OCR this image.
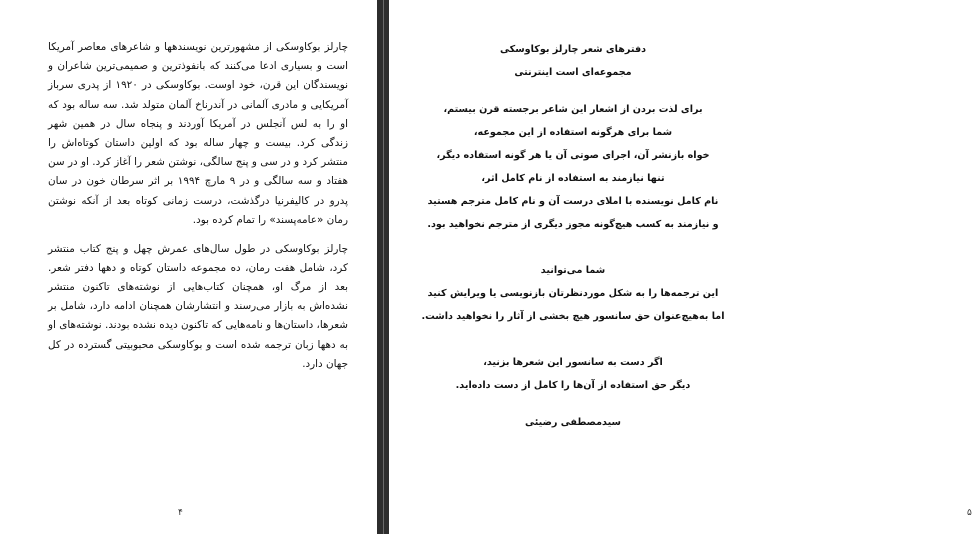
چارلز بوکاوسکی از مشهورترین نویسندهها و شاعرهای معاصر آمریکا است و بسیاری ادعا می‌کنند که بانفوذترین و صمیمی‌ترین شاعران و نویسندگان این قرن، خود اوست. بوکاوسکی در ۱۹۲۰ از پدری سرباز آمریکایی و مادری آلمانی در آندرناخ آلمان متولد شد. سه ساله بود که او را به لس آنجلس در آمریکا آوردند و پنجاه سال در همین شهر زندگی کرد. بیست و چهار ساله بود که اولین داستان کوتاه‌اش را منتشر کرد و در سی و پنج سالگی، نوشتن شعر را آغاز کرد. او در سن هفتاد و سه سالگی و در ۹ مارچ ۱۹۹۴ بر اثر سرطان خون در سان پدرو در کالیفرنیا درگذشت، درست زمانی کوتاه بعد از آنکه نوشتن رمان «عامه‌پسند» را تمام کرده بود.

چارلز بوکاوسکی در طول سال‌های عمرش چهل و پنج کتاب منتشر کرد، شامل هفت رمان، ده مجموعه داستان کوتاه و دهها دفتر شعر. بعد از مرگ او، همچنان کتاب‌هایی از نوشته‌های تاکنون منتشر نشده‌اش به بازار می‌رسند و انتشارشان همچنان ادامه دارد، شامل بر شعرها، داستان‌ها و نامه‌هایی که تاکنون دیده نشده بودند. نوشته‌های او به دهها زبان ترجمه شده است و بوکاوسکی محبوبیتی گسترده در کل جهان دارد.

۴	۵
دفترهای شعر چارلز بوکاوسکی
مجموعه‌ای است اینترنتی
برای لذت بردن از اشعار این شاعر برجسته قرن بیستم،
شما برای هرگونه استفاده از این مجموعه،
خواه بازنشر آن، اجرای صوتی آن یا هر گونه استفاده دیگر،
تنها نیازمند به استفاده از نام کامل اثر،
نام کامل نویسنده با املای درست آن و نام کامل مترجم هستید
و نیازمند به کسب هیچ‌گونه مجوز دیگری از مترجم نخواهید بود.
شما می‌توانید
این ترجمه‌ها را به شکل موردنظرتان بازنویسی یا ویرایش کنید
اما به‌هیچ‌عنوان حق سانسور هیچ بخشی از آثار را نخواهید داشت.
اگر دست به سانسور این شعرها بزنید،
دیگر حق استفاده از آن‌ها را کامل از دست داده‌اید.
سیدمصطفی رضیئی
